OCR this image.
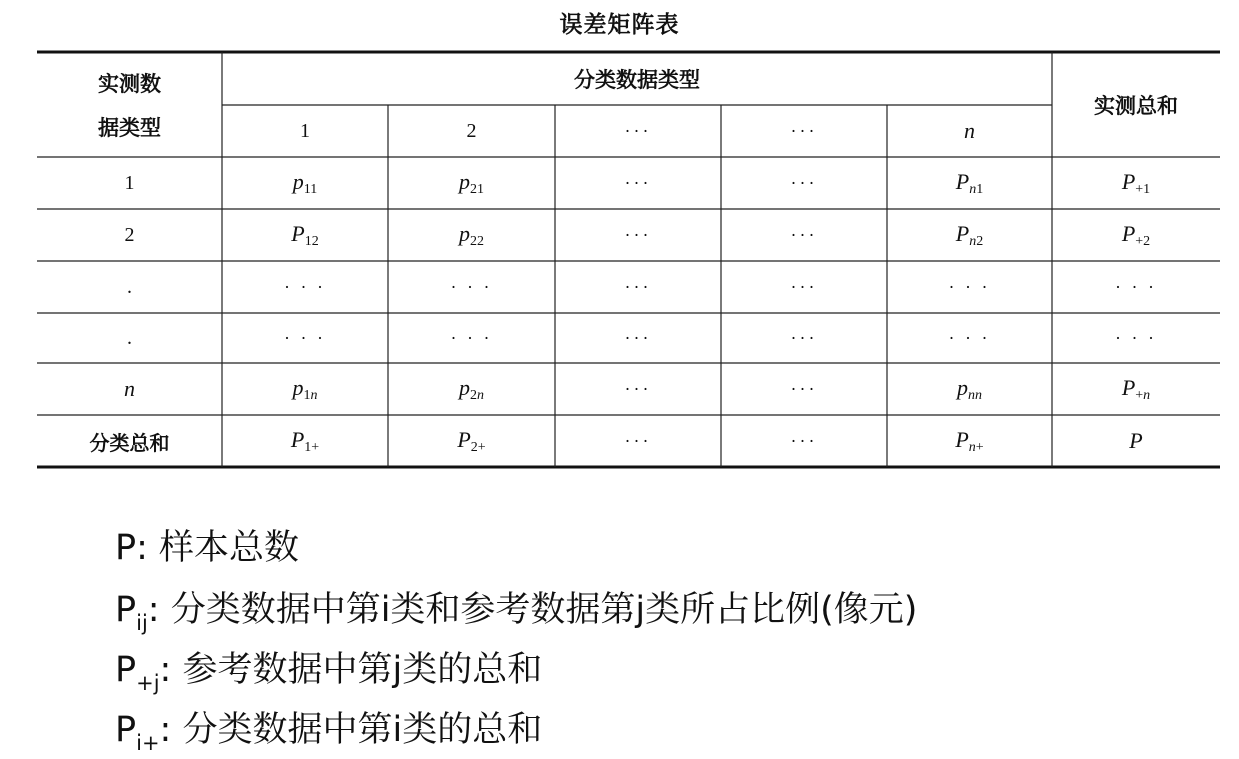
误差矩阵表
实测数
据类型
分类数据类型
实测总和
1	2	···	···	n
1	$p_{11}$	$p_{21}$	···	···	$P_{n1}$	$P_{+1}$
2	$P_{12}$	$p_{22}$	···	···	$P_{n2}$	$P_{+2}$
.	· · ·	· · ·	···	···	· · ·	· · ·
.	· · ·	· · ·	···	···	· · ·	· · ·
n	$p_{1n}$	$p_{2n}$	···	···	$p_{nn}$	$P_{+n}$
分类总和	$P_{1+}$	$P_{2+}$	···	···	$P_{n+}$	P
P: 样本总数
$P_{ij}$: 分类数据中第i类和参考数据第j类所占比例(像元)
$P_{+j}$: 参考数据中第j类的总和
$P_{i+}$: 分类数据中第i类的总和
